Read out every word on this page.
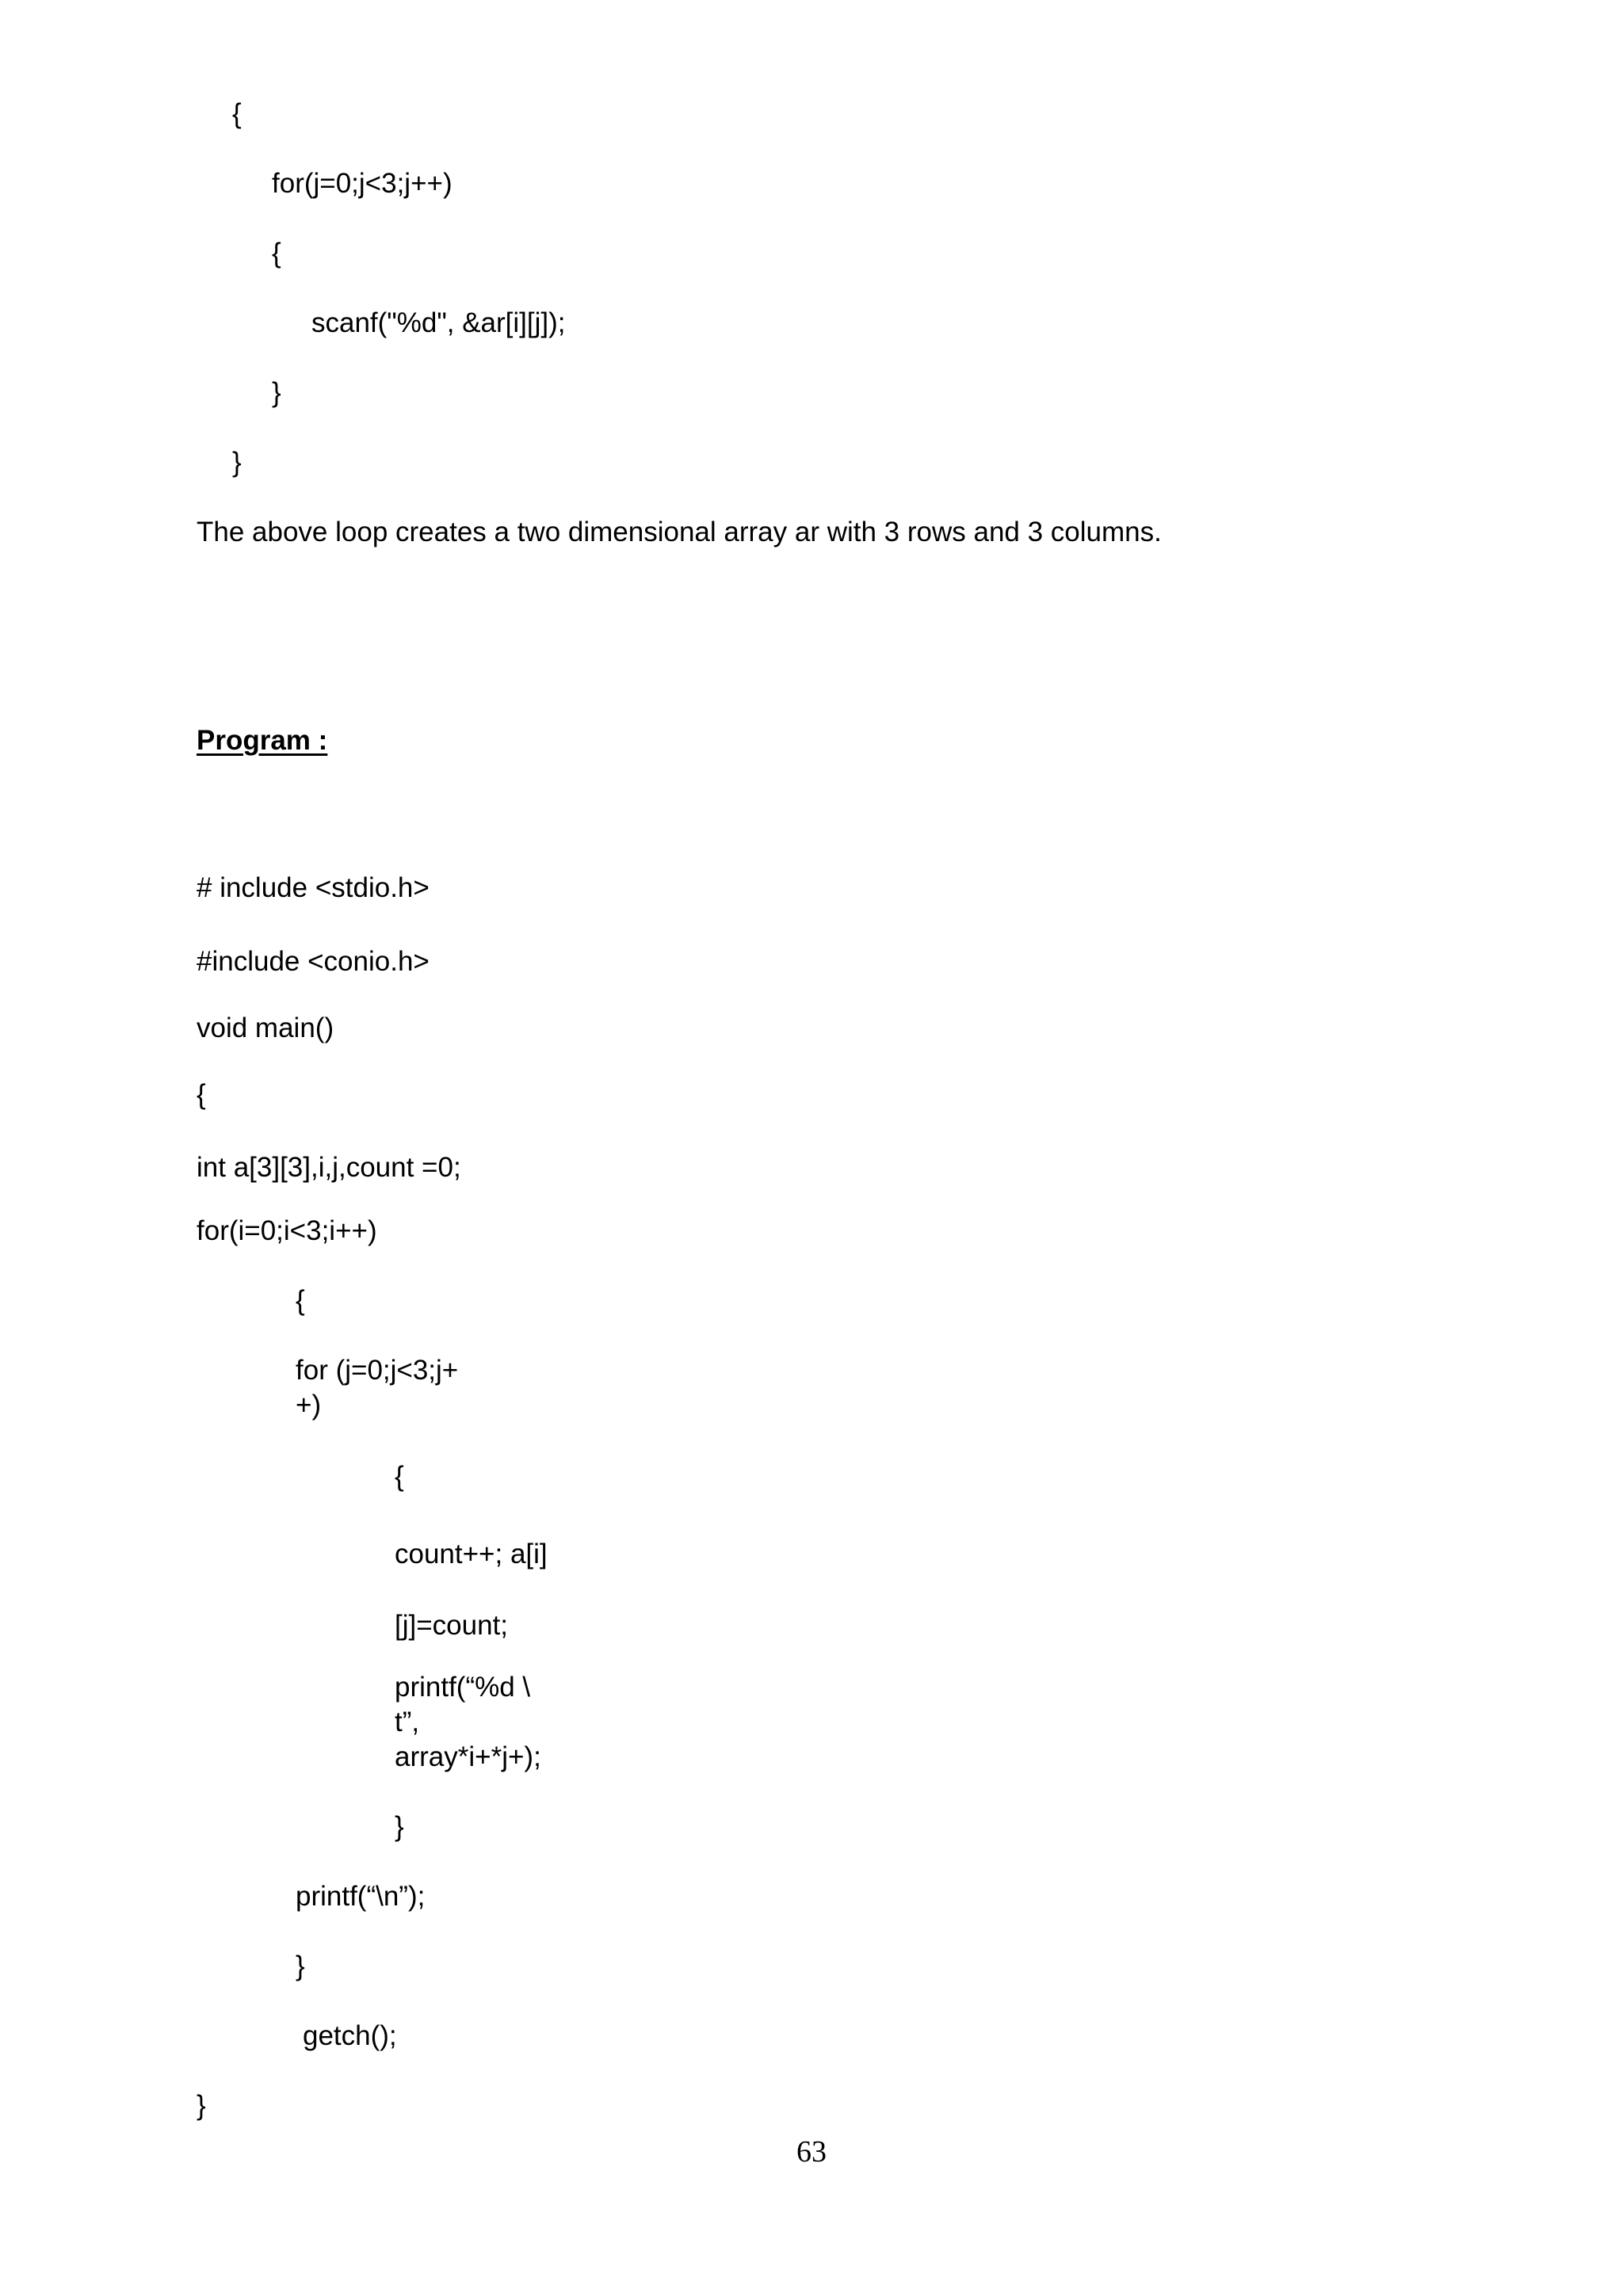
{

for(j=0;j<3;j++)

{

scanf("%d", &ar[i][j]);

}

}

The above loop creates a two dimensional array ar with 3 rows and 3 columns.

Program :

# include <stdio.h>

#include <conio.h>

void main()

{

int a[3][3],i,j,count =0;

for(i=0;i<3;i++)

{

for (j=0;j<3;j+

+)

{

count++; a[i]

[j]=count;

printf(“%d \

t”,

array*i+*j+);

}

printf(“\n”);

}

getch();

}

63
